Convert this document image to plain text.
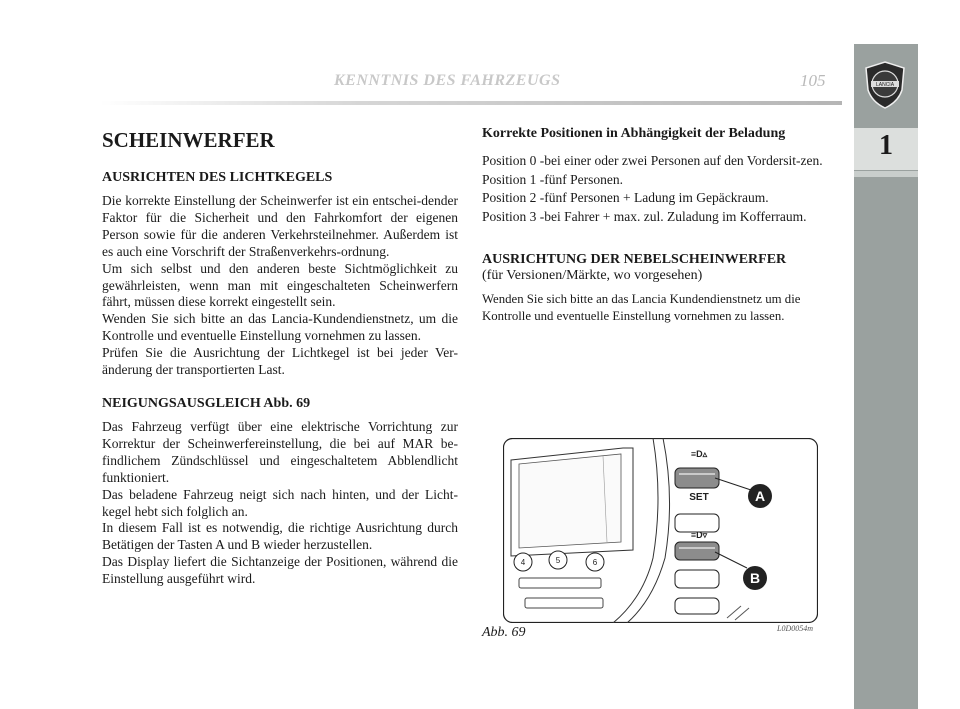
LANCIA
1
KENNTNIS DES FAHRZEUGS	105
SCHEINWERFER
AUSRICHTEN DES LICHTKEGELS

Die korrekte Einstellung der Scheinwerfer ist ein entschei-dender Faktor für die Sicherheit und den Fahrkomfort der eigenen Person sowie für die anderen Verkehrsteilnehmer. Außerdem ist es auch eine Vorschrift der Straßenverkehrs-ordnung.

Um sich selbst und den anderen beste Sichtmöglichkeit zu gewährleisten, wenn man mit eingeschalteten Scheinwerfern fährt, müssen diese korrekt eingestellt sein.

Wenden Sie sich bitte an das Lancia-Kundendienstnetz, um die Kontrolle und eventuelle Einstellung vornehmen zu lassen.

Prüfen Sie die Ausrichtung der Lichtkegel ist bei jeder Ver-änderung der transportierten Last.

NEIGUNGSAUSGLEICH Abb. 69

Das Fahrzeug verfügt über eine elektrische Vorrichtung zur Korrektur der Scheinwerfereinstellung, die bei auf MAR be-findlichem Zündschlüssel und eingeschaltetem Abblendlicht funktioniert.

Das beladene Fahrzeug neigt sich nach hinten, und der Licht-kegel hebt sich folglich an.

In diesem Fall ist es notwendig, die richtige Ausrichtung durch Betätigen der Tasten A und B wieder herzustellen.

Das Display liefert die Sichtanzeige der Positionen, während die Einstellung ausgeführt wird.

Korrekte Positionen in Abhängigkeit der Beladung
Position 0 - bei einer oder zwei Personen auf den Vordersit-zen.
Position 1 - fünf Personen.
Position 2 - fünf Personen + Ladung im Gepäckraum.
Position 3 - bei Fahrer + max. zul. Zuladung im Kofferraum.
AUSRICHTUNG DER NEBELSCHEINWERFER
(für Versionen/Märkte, wo vorgesehen)
Wenden Sie sich bitte an das Lancia Kundendienstnetz um die Kontrolle und eventuelle Einstellung vornehmen zu lassen.
≡D▵
SET
≡D▿
4	5	6
A
B
Abb. 69	L0D0054m
